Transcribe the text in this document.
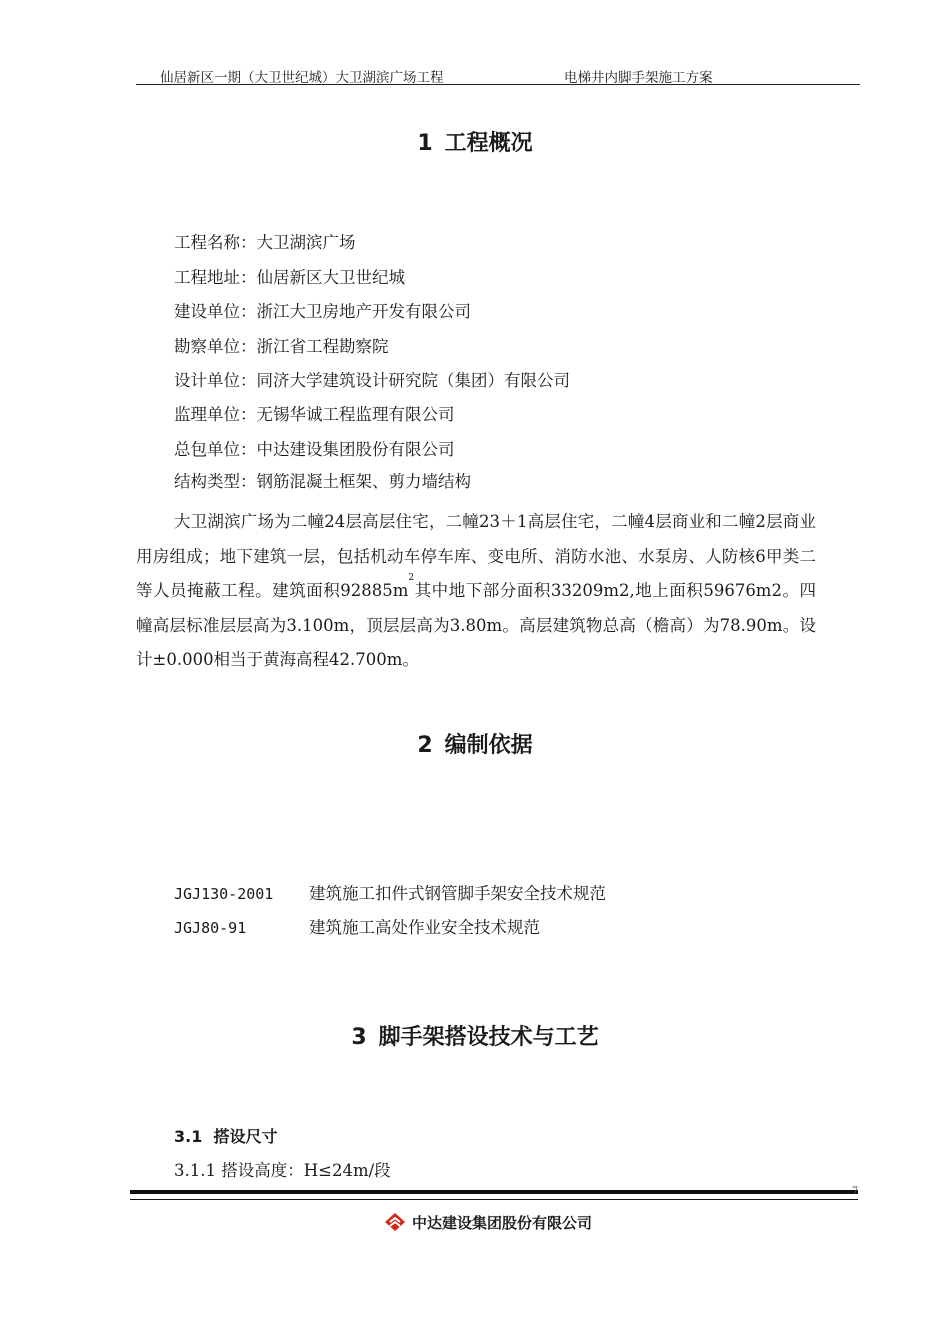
仙居新区一期（大卫世纪城）大卫湖滨广场工程	电梯井内脚手架施工方案
1 工程概况
工程名称：大卫湖滨广场
工程地址：仙居新区大卫世纪城
建设单位：浙江大卫房地产开发有限公司
勘察单位：浙江省工程勘察院
设计单位：同济大学建筑设计研究院（集团）有限公司
监理单位：无锡华诚工程监理有限公司
总包单位：中达建设集团股份有限公司
结构类型：钢筋混凝土框架、剪力墙结构

大卫湖滨广场为二幢24层高层住宅，二幢23＋1高层住宅，二幢4层商业和二幢2层商业用房组成；地下建筑一层，包括机动车停车库、变电所、消防水池、水泵房、人防核6甲类二等人员掩蔽工程。建筑面积$92885m^2$其中地下部分面积33209m2,地上面积59676m2。四幢高层标准层层高为3.100m，顶层层高为3.80m。高层建筑物总高（檐高）为78.90m。设计±0.000相当于黄海高程42.700m。

2 编制依据
JGJ130-2001 建筑施工扣件式钢管脚手架安全技术规范
JGJ80-91	建筑施工高处作业安全技术规范
3 脚手架搭设技术与工艺
3.1 搭设尺寸
3.1.1 搭设高度：H≤24m/段
7
中达建设集团股份有限公司
